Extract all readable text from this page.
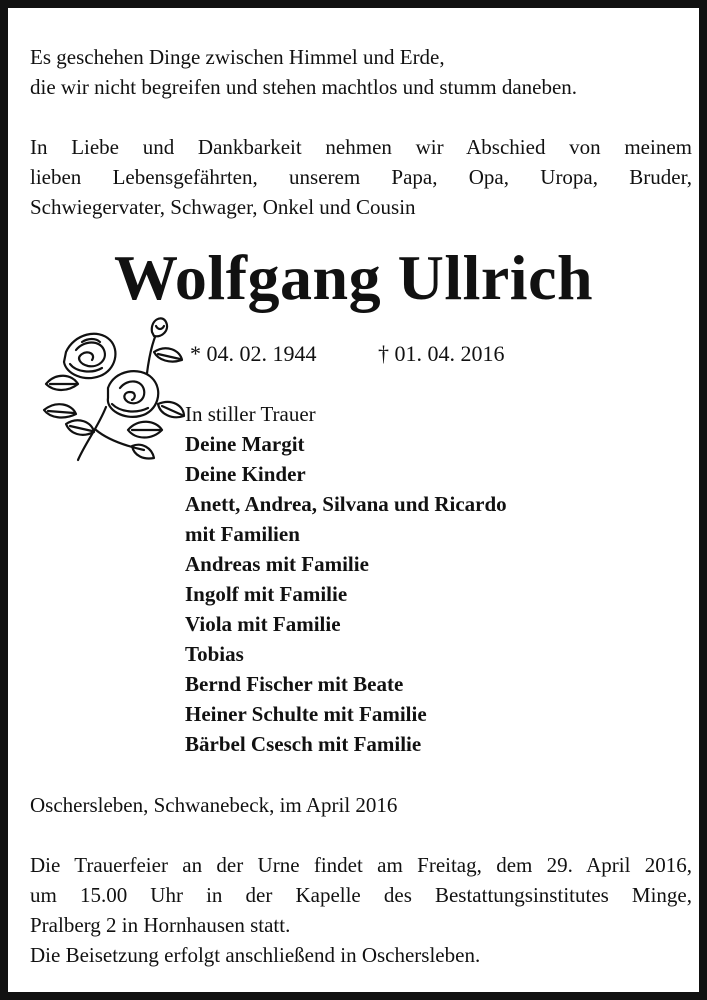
Es geschehen Dinge zwischen Himmel und Erde,
die wir nicht begreifen und stehen machtlos und stumm daneben.
In Liebe und Dankbarkeit nehmen wir Abschied von meinem
lieben Lebensgefährten, unserem Papa, Opa, Uropa, Bruder,
Schwiegervater, Schwager, Onkel und Cousin
Wolfgang Ullrich
* 04. 02. 1944	† 01. 04. 2016
In stiller Trauer
Deine Margit
Deine Kinder
Anett, Andrea, Silvana und Ricardo
mit Familien
Andreas mit Familie
Ingolf mit Familie
Viola mit Familie
Tobias
Bernd Fischer mit Beate
Heiner Schulte mit Familie
Bärbel Csesch mit Familie
Oschersleben, Schwanebeck, im April 2016
Die Trauerfeier an der Urne findet am Freitag, dem 29. April 2016,
um 15.00 Uhr in der Kapelle des Bestattungsinstitutes Minge,
Pralberg 2 in Hornhausen statt.
Die Beisetzung erfolgt anschließend in Oschersleben.
